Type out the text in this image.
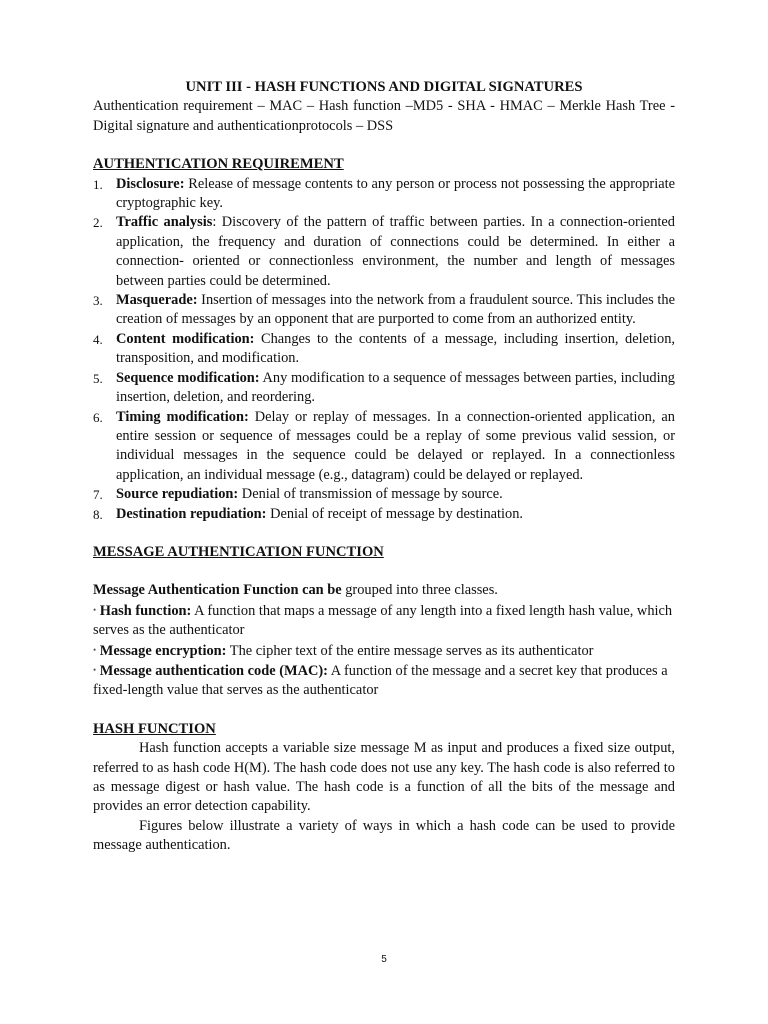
UNIT III - HASH FUNCTIONS AND DIGITAL SIGNATURES

Authentication requirement – MAC – Hash function –MD5 - SHA - HMAC – Merkle Hash Tree - Digital signature and authenticationprotocols – DSS

AUTHENTICATION REQUIREMENT

1. Disclosure: Release of message contents to any person or process not possessing the appropriate cryptographic key.
2. Traffic analysis: Discovery of the pattern of traffic between parties. In a connection-oriented application, the frequency and duration of connections could be determined. In either a connection- oriented or connectionless environment, the number and length of messages between parties could be determined.
3. Masquerade: Insertion of messages into the network from a fraudulent source. This includes the creation of messages by an opponent that are purported to come from an authorized entity.
4. Content modification: Changes to the contents of a message, including insertion, deletion, transposition, and modification.
5. Sequence modification: Any modification to a sequence of messages between parties, including insertion, deletion, and reordering.
6. Timing modification: Delay or replay of messages. In a connection-oriented application, an entire session or sequence of messages could be a replay of some previous valid session, or individual messages in the sequence could be delayed or replayed. In a connectionless application, an individual message (e.g., datagram) could be delayed or replayed.
7. Source repudiation: Denial of transmission of message by source.
8. Destination repudiation: Denial of receipt of message by destination.

MESSAGE AUTHENTICATION FUNCTION

Message Authentication Function can be grouped into three classes.

• Hash function: A function that maps a message of any length into a fixed length hash value, which serves as the authenticator

• Message encryption: The cipher text of the entire message serves as its authenticator

• Message authentication code (MAC): A function of the message and a secret key that produces a fixed-length value that serves as the authenticator

HASH FUNCTION

Hash function accepts a variable size message M as input and produces a fixed size output, referred to as hash code H(M). The hash code does not use any key. The hash code is also referred to as message digest or hash value. The hash code is a function of all the bits of the message and provides an error detection capability.

Figures below illustrate a variety of ways in which a hash code can be used to provide message authentication.

5
